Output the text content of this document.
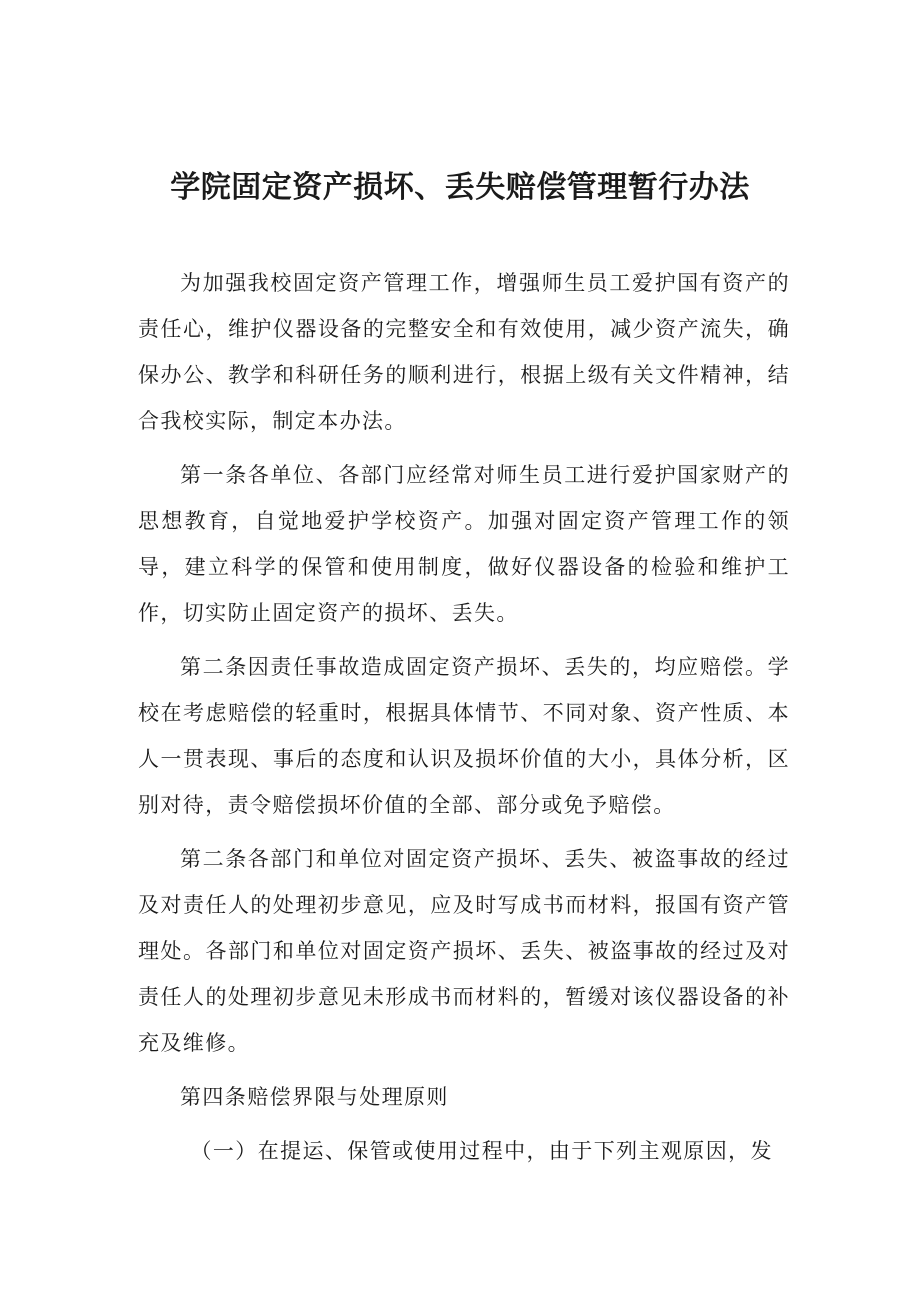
学院固定资产损坏、丢失赔偿管理暂行办法

为加强我校固定资产管理工作，增强师生员工爱护国有资产的责任心，维护仪器设备的完整安全和有效使用，减少资产流失，确保办公、教学和科研任务的顺利进行，根据上级有关文件精神，结合我校实际，制定本办法。

第一条各单位、各部门应经常对师生员工进行爱护国家财产的思想教育，自觉地爱护学校资产。加强对固定资产管理工作的领导，建立科学的保管和使用制度，做好仪器设备的检验和维护工作，切实防止固定资产的损坏、丢失。

第二条因责任事故造成固定资产损坏、丢失的，均应赔偿。学校在考虑赔偿的轻重时，根据具体情节、不同对象、资产性质、本人一贯表现、事后的态度和认识及损坏价值的大小，具体分析，区别对待，责令赔偿损坏价值的全部、部分或免予赔偿。

第二条各部门和单位对固定资产损坏、丢失、被盗事故的经过及对责任人的处理初步意见，应及时写成书而材料，报国有资产管理处。各部门和单位对固定资产损坏、丢失、被盗事故的经过及对责任人的处理初步意见未形成书而材料的，暂缓对该仪器设备的补充及维修。

第四条赔偿界限与处理原则

（一）在提运、保管或使用过程中，由于下列主观原因，发
